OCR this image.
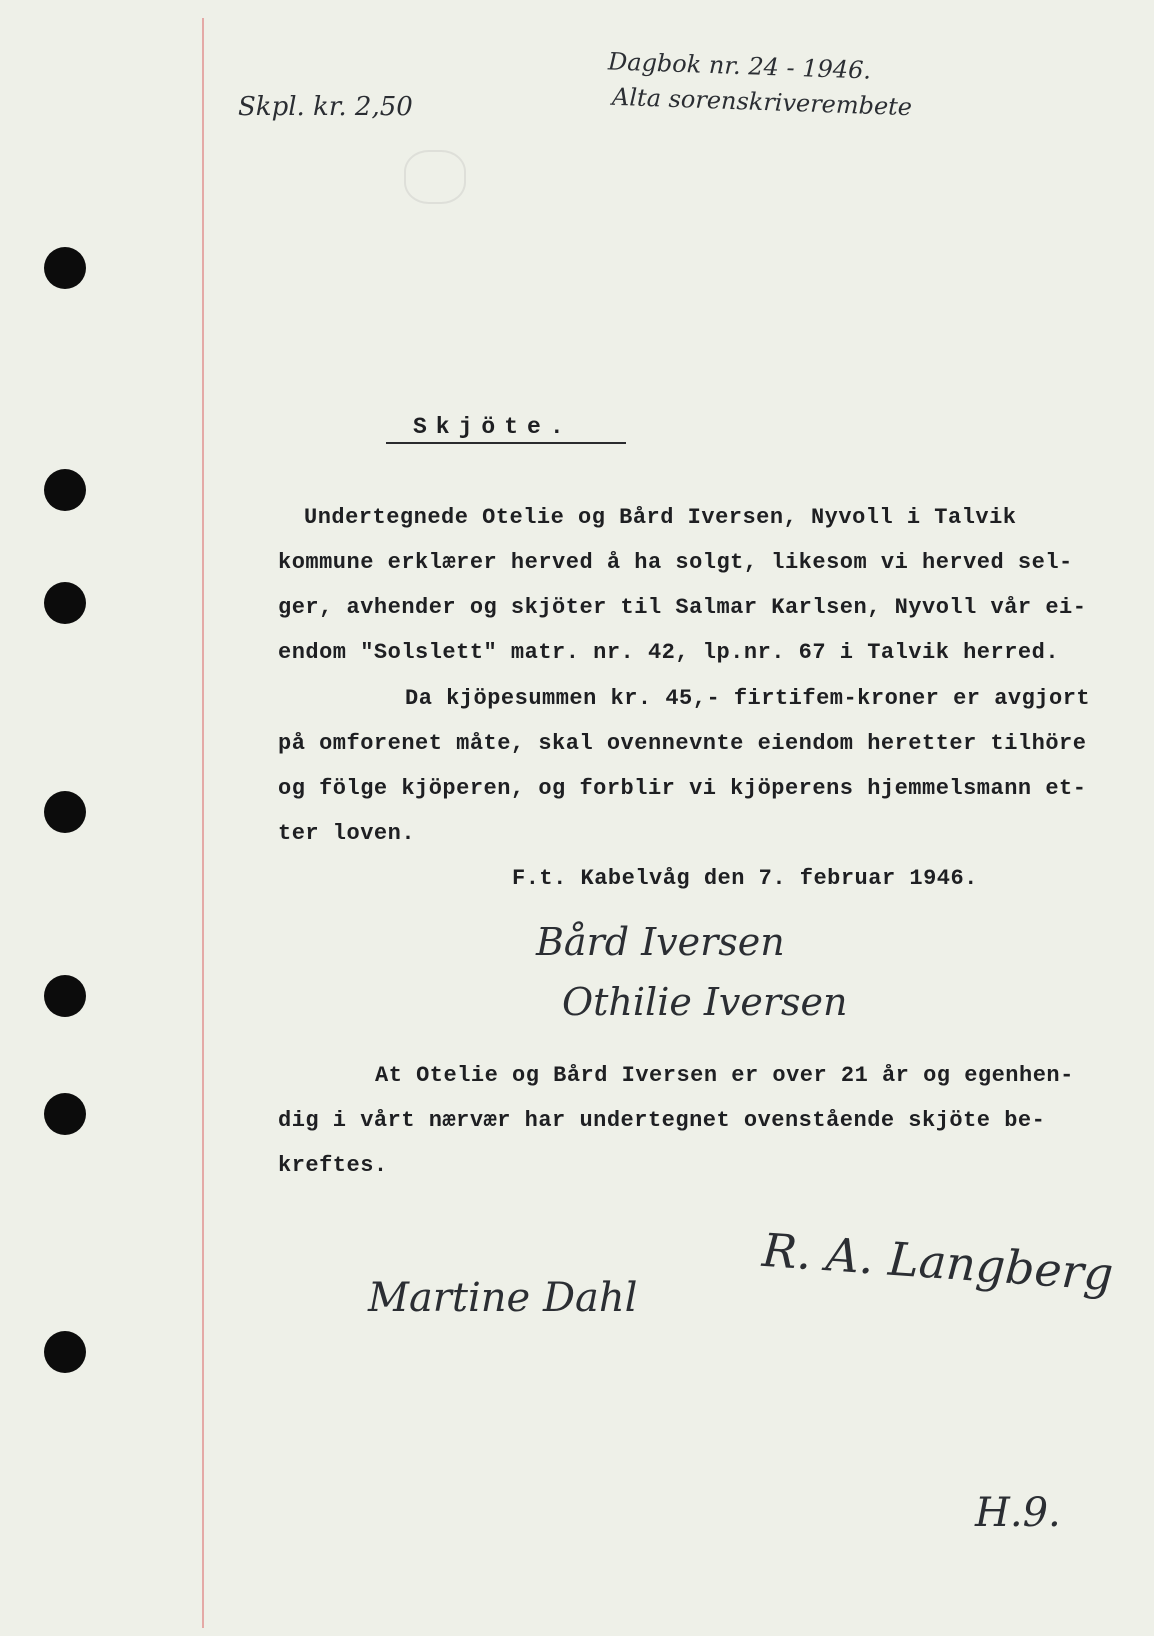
Skpl. kr. 2,50
Dagbok nr. 24 - 1946.
Alta sorenskriverembete
Skjöte.
Undertegnede Otelie og Bård Iversen, Nyvoll i Talvik
kommune erklærer herved å ha solgt, likesom vi herved sel-
ger, avhender og skjöter til Salmar Karlsen, Nyvoll vår ei-
endom "Solslett" matr. nr. 42, lp.nr. 67 i Talvik herred.
Da kjöpesummen kr. 45,- firtifem-kroner er avgjort
på omforenet måte, skal ovennevnte eiendom heretter tilhöre
og fölge kjöperen, og forblir vi kjöperens hjemmelsmann et-
ter loven.
F.t. Kabelvåg den 7. februar 1946.
Bård Iversen
Othilie Iversen
At Otelie og Bård Iversen er over 21 år og egenhen-
dig i vårt nærvær har undertegnet ovenstående skjöte be-
kreftes.
Martine Dahl	R. A. Langberg
H.9.
